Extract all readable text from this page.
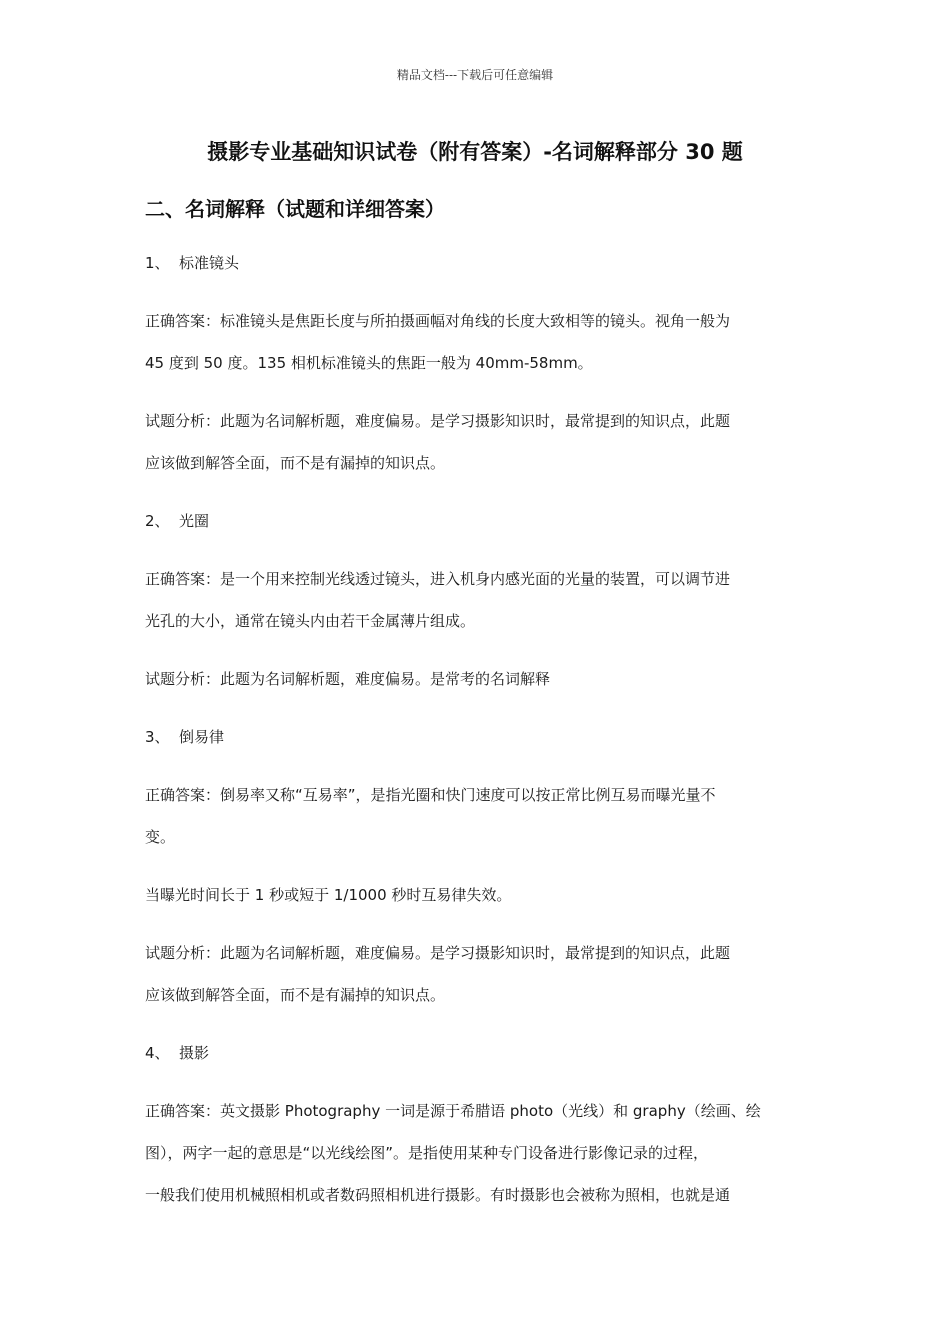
精品文档---下载后可任意编辑
摄影专业基础知识试卷（附有答案）-名词解释部分 30 题
二、名词解释（试题和详细答案）

1、 标准镜头

正确答案：标准镜头是焦距长度与所拍摄画幅对角线的长度大致相等的镜头。视角一般为

45 度到 50 度。135 相机标准镜头的焦距一般为 40mm-58mm。

试题分析：此题为名词解析题，难度偏易。是学习摄影知识时，最常提到的知识点，此题

应该做到解答全面，而不是有漏掉的知识点。

2、 光圈

正确答案：是一个用来控制光线透过镜头，进入机身内感光面的光量的装置，可以调节进

光孔的大小，通常在镜头内由若干金属薄片组成。

试题分析：此题为名词解析题，难度偏易。是常考的名词解释

3、 倒易律

正确答案：倒易率又称“互易率”，是指光圈和快门速度可以按正常比例互易而曝光量不

变。

当曝光时间长于 1 秒或短于 1/1000 秒时互易律失效。

试题分析：此题为名词解析题，难度偏易。是学习摄影知识时，最常提到的知识点，此题

应该做到解答全面，而不是有漏掉的知识点。

4、 摄影

正确答案：英文摄影 Photography 一词是源于希腊语 photo（光线）和 graphy（绘画、绘

图），两字一起的意思是“以光线绘图”。是指使用某种专门设备进行影像记录的过程，

一般我们使用机械照相机或者数码照相机进行摄影。有时摄影也会被称为照相，也就是通
